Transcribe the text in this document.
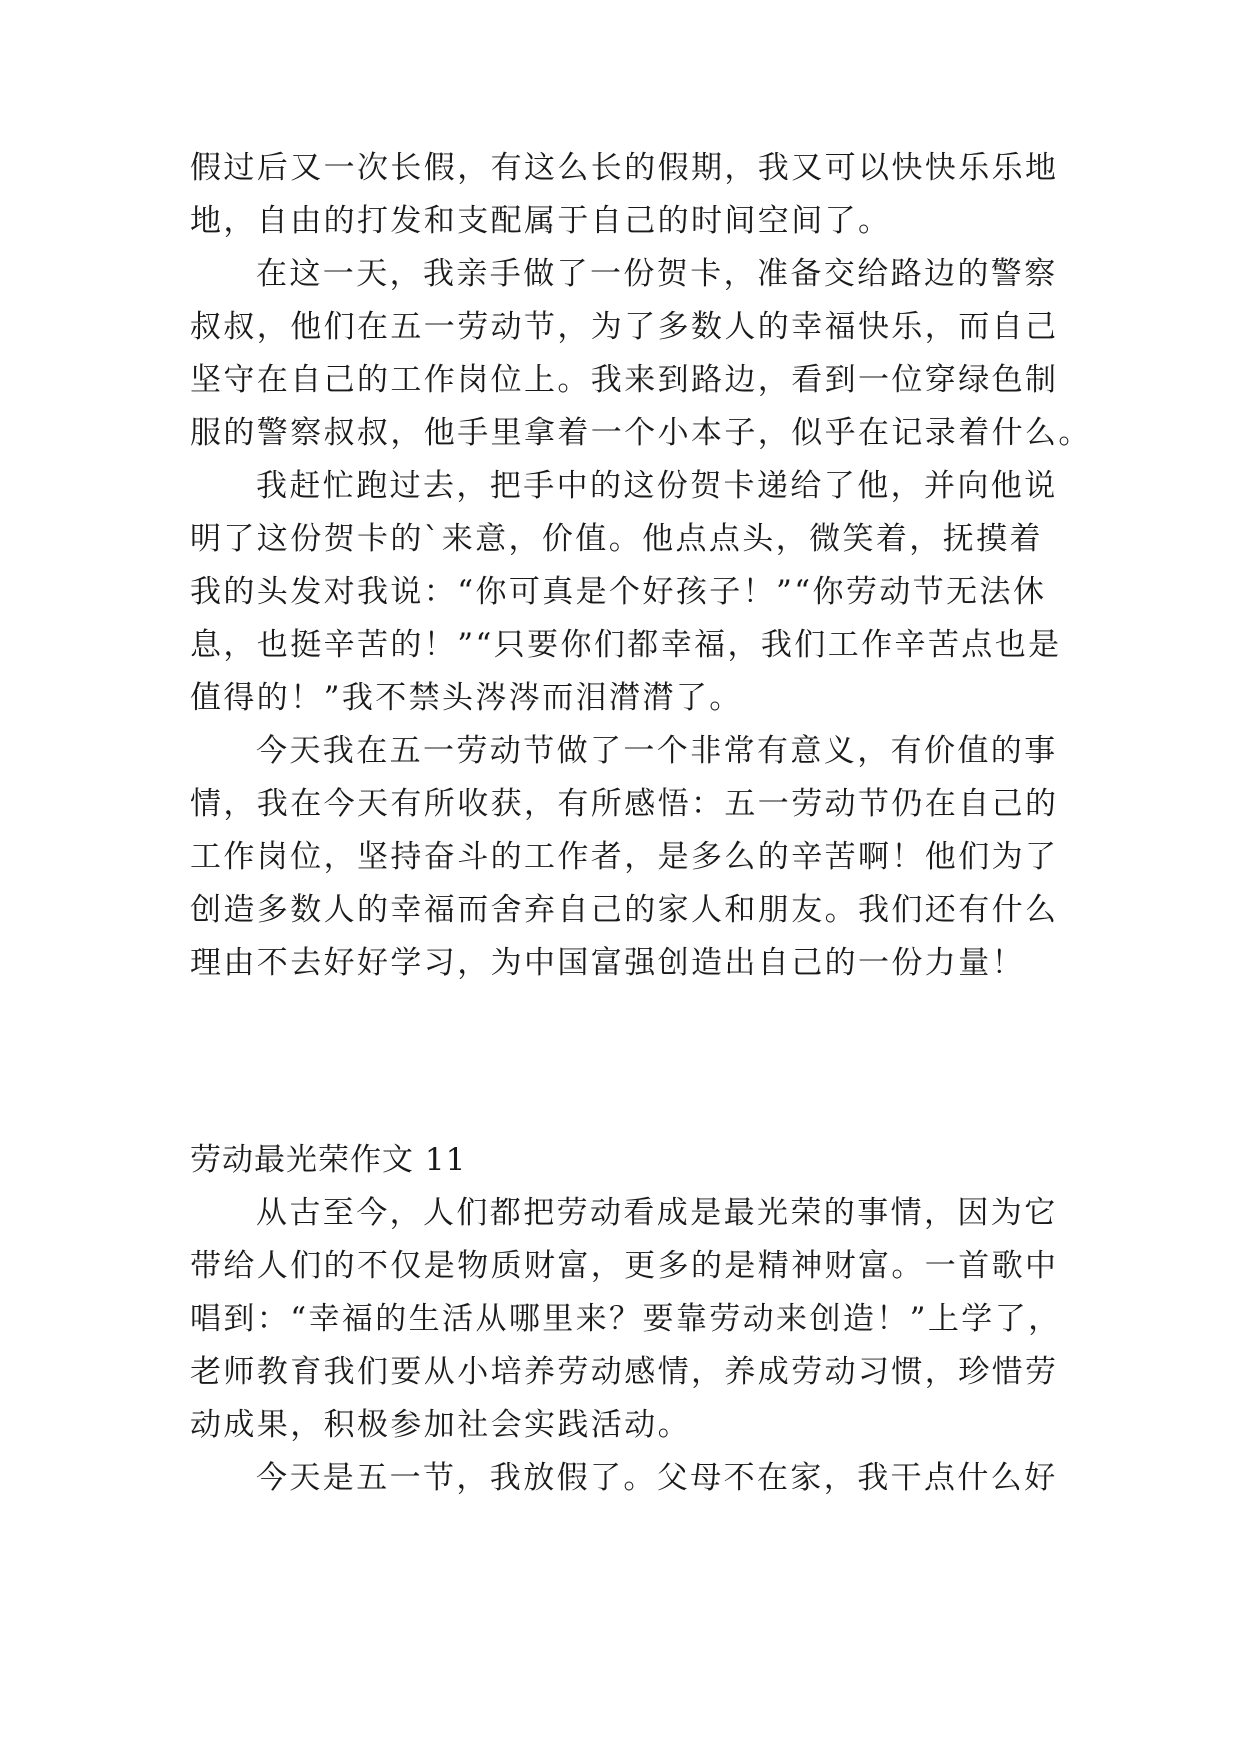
假过后又一次长假，有这么长的假期，我又可以快快乐乐地
地，自由的打发和支配属于自己的时间空间了。
在这一天，我亲手做了一份贺卡，准备交给路边的警察
叔叔，他们在五一劳动节，为了多数人的幸福快乐，而自己
坚守在自己的工作岗位上。我来到路边，看到一位穿绿色制
服的警察叔叔，他手里拿着一个小本子，似乎在记录着什么。
我赶忙跑过去，把手中的这份贺卡递给了他，并向他说
明了这份贺卡的`来意，价值。他点点头，微笑着，抚摸着
我的头发对我说：“你可真是个好孩子！”“你劳动节无法休
息，也挺辛苦的！”“只要你们都幸福，我们工作辛苦点也是
值得的！”我不禁头涔涔而泪潸潸了。
今天我在五一劳动节做了一个非常有意义，有价值的事
情，我在今天有所收获，有所感悟：五一劳动节仍在自己的
工作岗位，坚持奋斗的工作者，是多么的辛苦啊！他们为了
创造多数人的幸福而舍弃自己的家人和朋友。我们还有什么
理由不去好好学习，为中国富强创造出自己的一份力量！
劳动最光荣作文 11
从古至今，人们都把劳动看成是最光荣的事情，因为它
带给人们的不仅是物质财富，更多的是精神财富。一首歌中
唱到：“幸福的生活从哪里来？要靠劳动来创造！”上学了，
老师教育我们要从小培养劳动感情，养成劳动习惯，珍惜劳
动成果，积极参加社会实践活动。
今天是五一节，我放假了。父母不在家，我干点什么好
